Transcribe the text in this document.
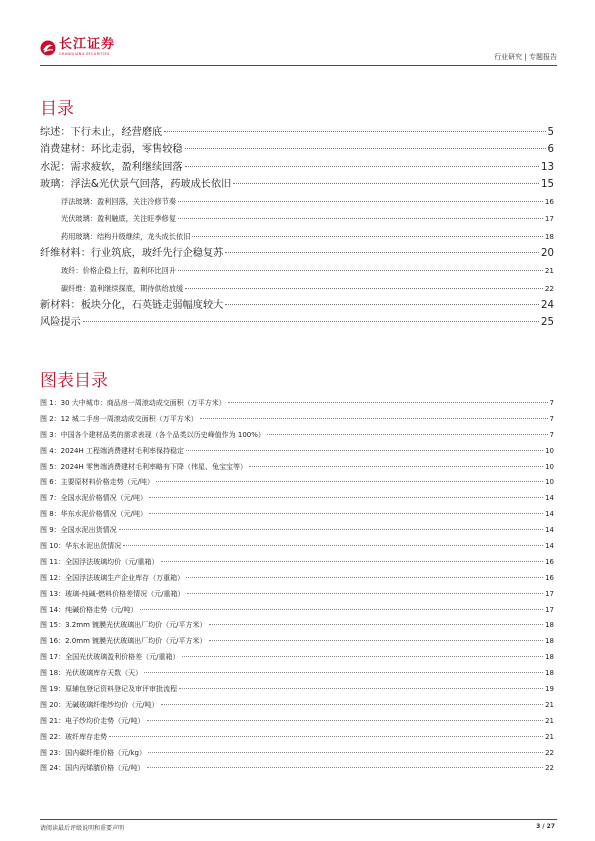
长江证券
CHANGJIANG SECURITIES	行业研究 | 专题报告
目录
综述：下行未止，经营磨底	5
消费建材：环比走弱，零售较稳	6
水泥：需求疲软，盈利继续回落	13
玻璃：浮法&光伏景气回落，药玻成长依旧	15
浮法玻璃：盈利回落，关注冷修节奏	16
光伏玻璃：盈利触底，关注旺季修复	17
药用玻璃：结构升级继续，龙头成长依旧	18
纤维材料：行业筑底，玻纤先行企稳复苏	20
玻纤：价格企稳上行，盈利环比回升	21
碳纤维：盈利继续探底，期待供给放缓	22
新材料：板块分化，石英链走弱幅度较大	24
风险提示	25
图表目录
图 1：30 大中城市：商品房一周滚动成交面积（万平方米）	7
图 2：12 城二手房一周滚动成交面积（万平方米）	7
图 3：中国各个建材品类的需求表现（各个品类以历史峰值作为 100%）	7
图 4：2024H 工程端消费建材毛利率保持稳定	10
图 5：2024H 零售端消费建材毛利率略有下降（伟星、兔宝宝等）	10
图 6：主要原材料价格走势（元/吨）	10
图 7：全国水泥价格情况（元/吨）	14
图 8：华东水泥价格情况（元/吨）	14
图 9：全国水泥出货情况	14
图 10：华东水泥出货情况	14
图 11：全国浮法玻璃均价（元/重箱）	16
图 12：全国浮法玻璃生产企业库存（万重箱）	16
图 13：玻璃-纯碱-燃料价格差情况（元/重箱）	17
图 14：纯碱价格走势（元/吨）	17
图 15：3.2mm 镀膜光伏玻璃出厂均价（元/平方米）	18
图 16：2.0mm 镀膜光伏玻璃出厂均价（元/平方米）	18
图 17：全国光伏玻璃盈利价格差（元/重箱）	18
图 18：光伏玻璃库存天数（天）	18
图 19：原辅包登记资料登记及审评审批流程	19
图 20：无碱玻璃纤维纱均价（元/吨）	21
图 21：电子纱均价走势（元/吨）	21
图 22：玻纤库存走势	21
图 23：国内碳纤维价格（元/kg）	22
图 24：国内丙烯腈价格（元/吨）	22
请阅读最后评级说明和重要声明	3 / 27
